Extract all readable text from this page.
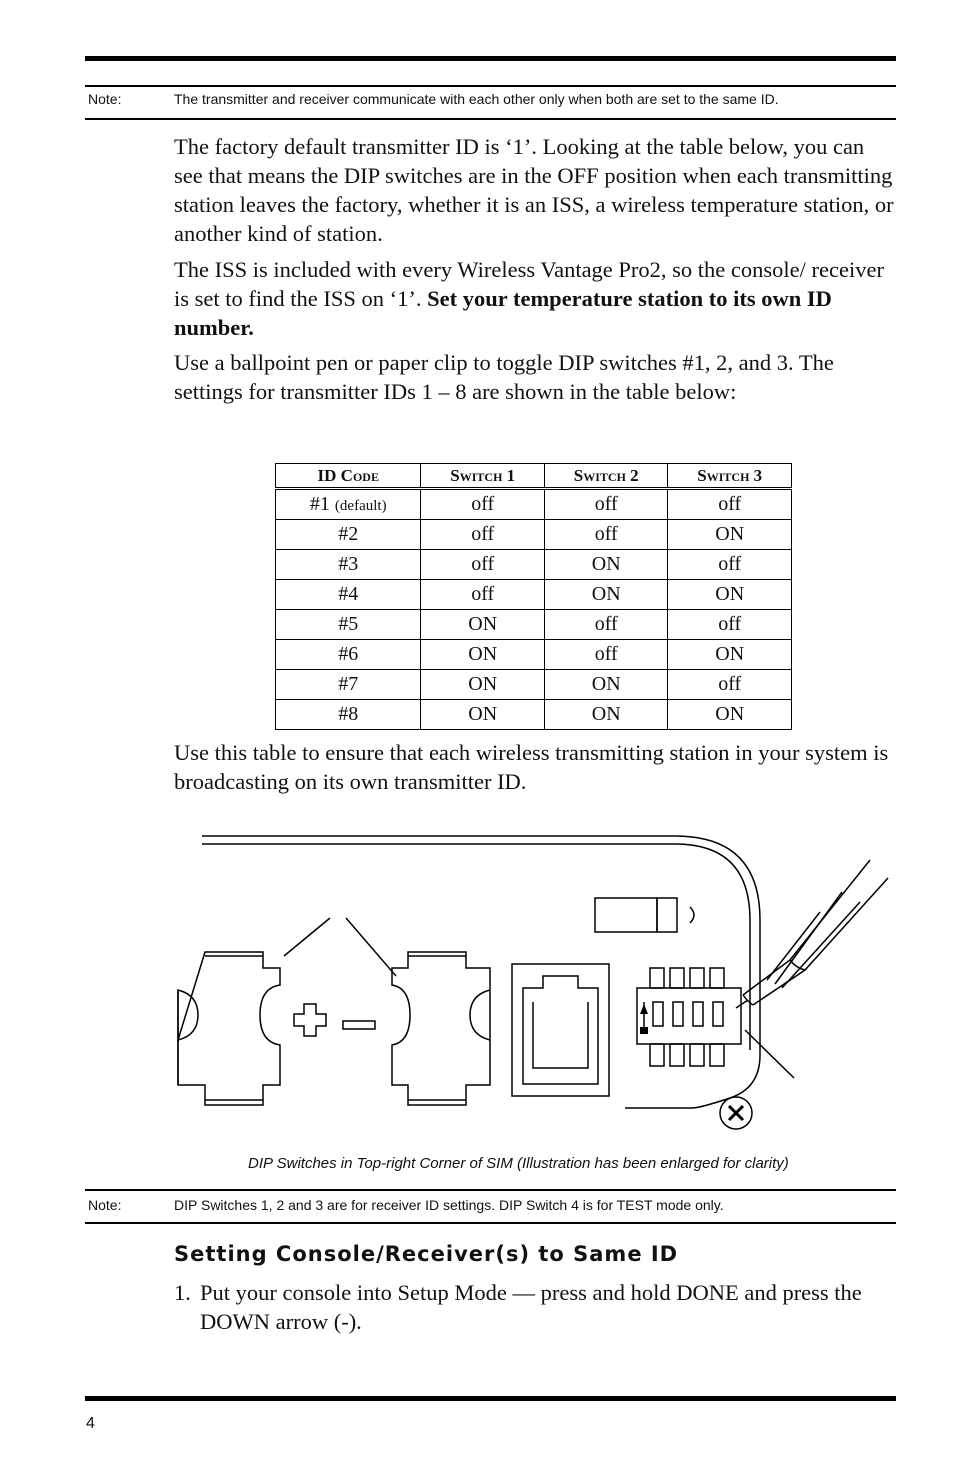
Note:	The transmitter and receiver communicate with each other only when both are set to the same ID.

The factory default transmitter ID is ‘1’. Looking at the table below, you can see that means the DIP switches are in the OFF position when each transmitting station leaves the factory, whether it is an ISS, a wireless temperature station, or another kind of station.

The ISS is included with every Wireless Vantage Pro2, so the console/ receiver is set to find the ISS on ‘1’. Set your temperature station to its own ID number.

Use a ballpoint pen or paper clip to toggle DIP switches #1, 2, and 3. The settings for transmitter IDs 1 – 8 are shown in the table below:

ID Code	Switch 1	Switch 2	Switch 3
#1 (default)	off	off	off
#2	off	off	ON
#3	off	ON	off
#4	off	ON	ON
#5	ON	off	off
#6	ON	off	ON
#7	ON	ON	off
#8	ON	ON	ON

Use this table to ensure that each wireless transmitting station in your system is broadcasting on its own transmitter ID.

DIP Switches in Top-right Corner of SIM (Illustration has been enlarged for clarity)
Note:	DIP Switches 1, 2 and 3 are for receiver ID settings. DIP Switch 4 is for TEST mode only.
Setting Console/Receiver(s) to Same ID
1. Put your console into Setup Mode — press and hold DONE and press the DOWN arrow (-).
4
